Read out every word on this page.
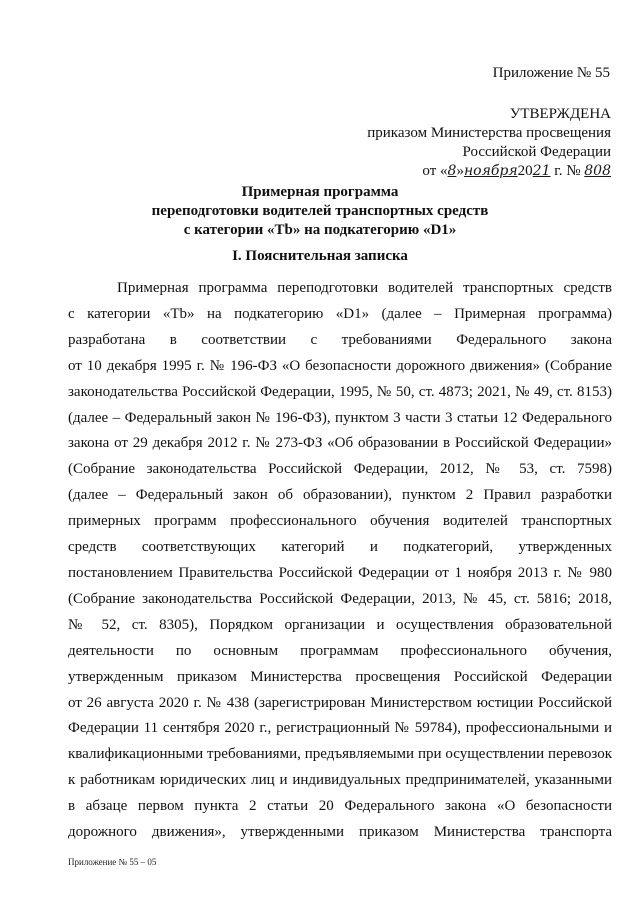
Приложение № 55
УТВЕРЖДЕНА
приказом Министерства просвещения
Российской Федерации
от «8»ноября2021 г. № 808
Примерная программа
переподготовки водителей транспортных средств
с категории «Tb» на подкатегорию «D1»
I. Пояснительная записка
Примерная программа переподготовки водителей транспортных средств
с категории «Tb» на подкатегорию «D1» (далее – Примерная программа)
разработана в соответствии с требованиями Федерального закона
от 10 декабря 1995 г. № 196-ФЗ «О безопасности дорожного движения» (Собрание
законодательства Российской Федерации, 1995, № 50, ст. 4873; 2021, № 49, ст. 8153)
(далее – Федеральный закон № 196-ФЗ), пунктом 3 части 3 статьи 12 Федерального
закона от 29 декабря 2012 г. № 273-ФЗ «Об образовании в Российской Федерации»
(Собрание законодательства Российской Федерации, 2012, № 53, ст. 7598)
(далее – Федеральный закон об образовании), пунктом 2 Правил разработки
примерных программ профессионального обучения водителей транспортных
средств соответствующих категорий и подкатегорий, утвержденных
постановлением Правительства Российской Федерации от 1 ноября 2013 г. № 980
(Собрание законодательства Российской Федерации, 2013, № 45, ст. 5816; 2018,
№ 52, ст. 8305), Порядком организации и осуществления образовательной
деятельности по основным программам профессионального обучения,
утвержденным приказом Министерства просвещения Российской Федерации
от 26 августа 2020 г. № 438 (зарегистрирован Министерством юстиции Российской
Федерации 11 сентября 2020 г., регистрационный № 59784), профессиональными и
квалификационными требованиями, предъявляемыми при осуществлении перевозок
к работникам юридических лиц и индивидуальных предпринимателей, указанными
в абзаце первом пункта 2 статьи 20 Федерального закона «О безопасности
дорожного движения», утвержденными приказом Министерства транспорта
Приложение № 55 – 05
